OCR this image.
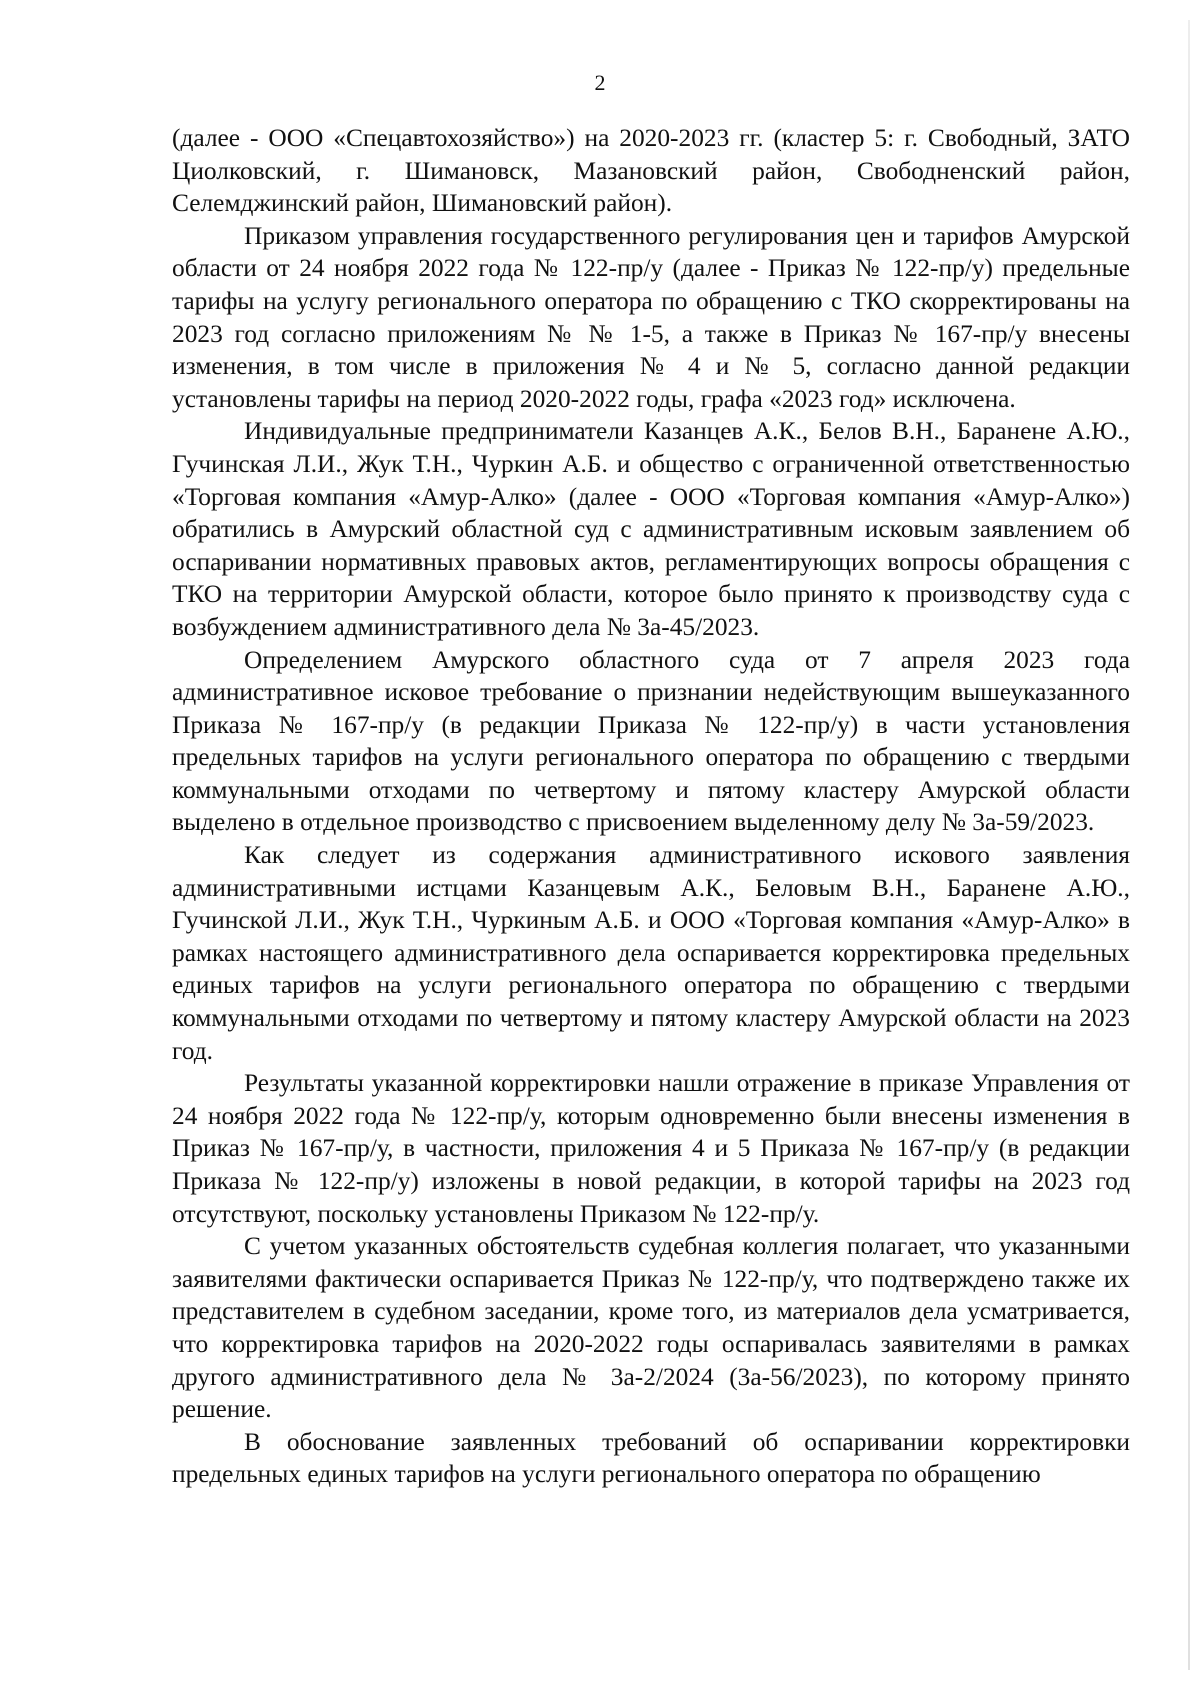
2

(далее - ООО «Спецавтохозяйство») на 2020-2023 гг. (кластер 5: г. Свободный, ЗАТО Циолковский, г. Шимановск, Мазановский район, Свободненский район, Селемджинский район, Шимановский район).

Приказом управления государственного регулирования цен и тарифов Амурской области от 24 ноября 2022 года № 122-пр/у (далее - Приказ № 122-пр/у) предельные тарифы на услугу регионального оператора по обращению с ТКО скорректированы на 2023 год согласно приложениям № № 1-5, а также в Приказ № 167-пр/у внесены изменения, в том числе в приложения № 4 и № 5, согласно данной редакции установлены тарифы на период 2020-2022 годы, графа «2023 год» исключена.

Индивидуальные предприниматели Казанцев А.К., Белов В.Н., Бараненe А.Ю., Гучинская Л.И., Жук Т.Н., Чуркин А.Б. и общество с ограниченной ответственностью «Торговая компания «Амур-Алко» (далее - ООО «Торговая компания «Амур-Алко») обратились в Амурский областной суд с административным исковым заявлением об оспаривании нормативных правовых актов, регламентирующих вопросы обращения с ТКО на территории Амурской области, которое было принято к производству суда с возбуждением административного дела № 3а-45/2023.

Определением Амурского областного суда от 7 апреля 2023 года административное исковое требование о признании недействующим вышеуказанного Приказа № 167-пр/у (в редакции Приказа № 122-пр/у) в части установления предельных тарифов на услуги регионального оператора по обращению с твердыми коммунальными отходами по четвертому и пятому кластеру Амурской области выделено в отдельное производство с присвоением выделенному делу № 3а-59/2023.

Как следует из содержания административного искового заявления административными истцами Казанцевым А.К., Беловым В.Н., Бараненe А.Ю., Гучинской Л.И., Жук Т.Н., Чуркиным А.Б. и ООО «Торговая компания «Амур-Алко» в рамках настоящего административного дела оспаривается корректировка предельных единых тарифов на услуги регионального оператора по обращению с твердыми коммунальными отходами по четвертому и пятому кластеру Амурской области на 2023 год.

Результаты указанной корректировки нашли отражение в приказе Управления от 24 ноября 2022 года № 122-пр/у, которым одновременно были внесены изменения в Приказ № 167-пр/у, в частности, приложения 4 и 5 Приказа № 167-пр/у (в редакции Приказа № 122-пр/у) изложены в новой редакции, в которой тарифы на 2023 год отсутствуют, поскольку установлены Приказом № 122-пр/у.

С учетом указанных обстоятельств судебная коллегия полагает, что указанными заявителями фактически оспаривается Приказ № 122-пр/у, что подтверждено также их представителем в судебном заседании, кроме того, из материалов дела усматривается, что корректировка тарифов на 2020-2022 годы оспаривалась заявителями в рамках другого административного дела № 3а-2/2024 (3а-56/2023), по которому принято решение.

В обоснование заявленных требований об оспаривании корректировки предельных единых тарифов на услуги регионального оператора по обращению
